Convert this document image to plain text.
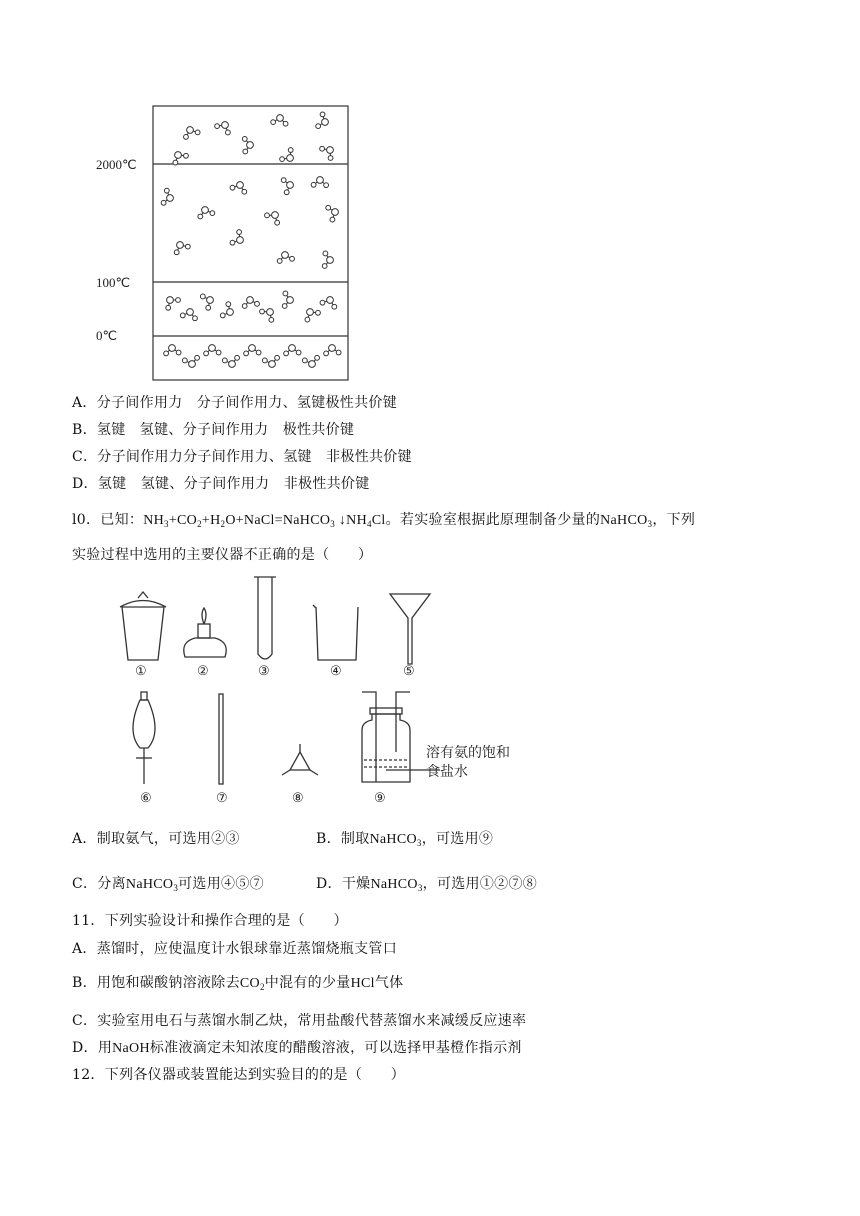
2000℃
100℃
0℃
A．分子间作用力　分子间作用力、氢键极性共价键
B．氢键　氢键、分子间作用力　极性共价键
C．分子间作用力分子间作用力、氢键　非极性共价键
D．氢键　氢键、分子间作用力　非极性共价键
l0．已知：$NH_3+CO_2+H_2O+NaCl=NaHCO_3$ $↓NH_4Cl$。若实验室根据此原理制备少量的NaHCO$_3$，下列
实验过程中选用的主要仪器不正确的是（　　）
①	②	③	④	⑤
⑥	⑦	⑧	⑨
溶有氨的饱和
食盐水
A．制取氨气，可选用②③	B．制取NaHCO$_3$，可选用⑨
C．分离NaHCO$_3$可选用④⑤⑦	D．干燥NaHCO$_3$，可选用①②⑦⑧
11．下列实验设计和操作合理的是（　　）
A．蒸馏时，应使温度计水银球靠近蒸馏烧瓶支管口
B．用饱和碳酸钠溶液除去$CO_2$中混有的少量HCl气体
C．实验室用电石与蒸馏水制乙炔，常用盐酸代替蒸馏水来减缓反应速率
D．用NaOH标准液滴定未知浓度的醋酸溶液，可以选择甲基橙作指示剂
12．下列各仪器或装置能达到实验目的的是（　　）
